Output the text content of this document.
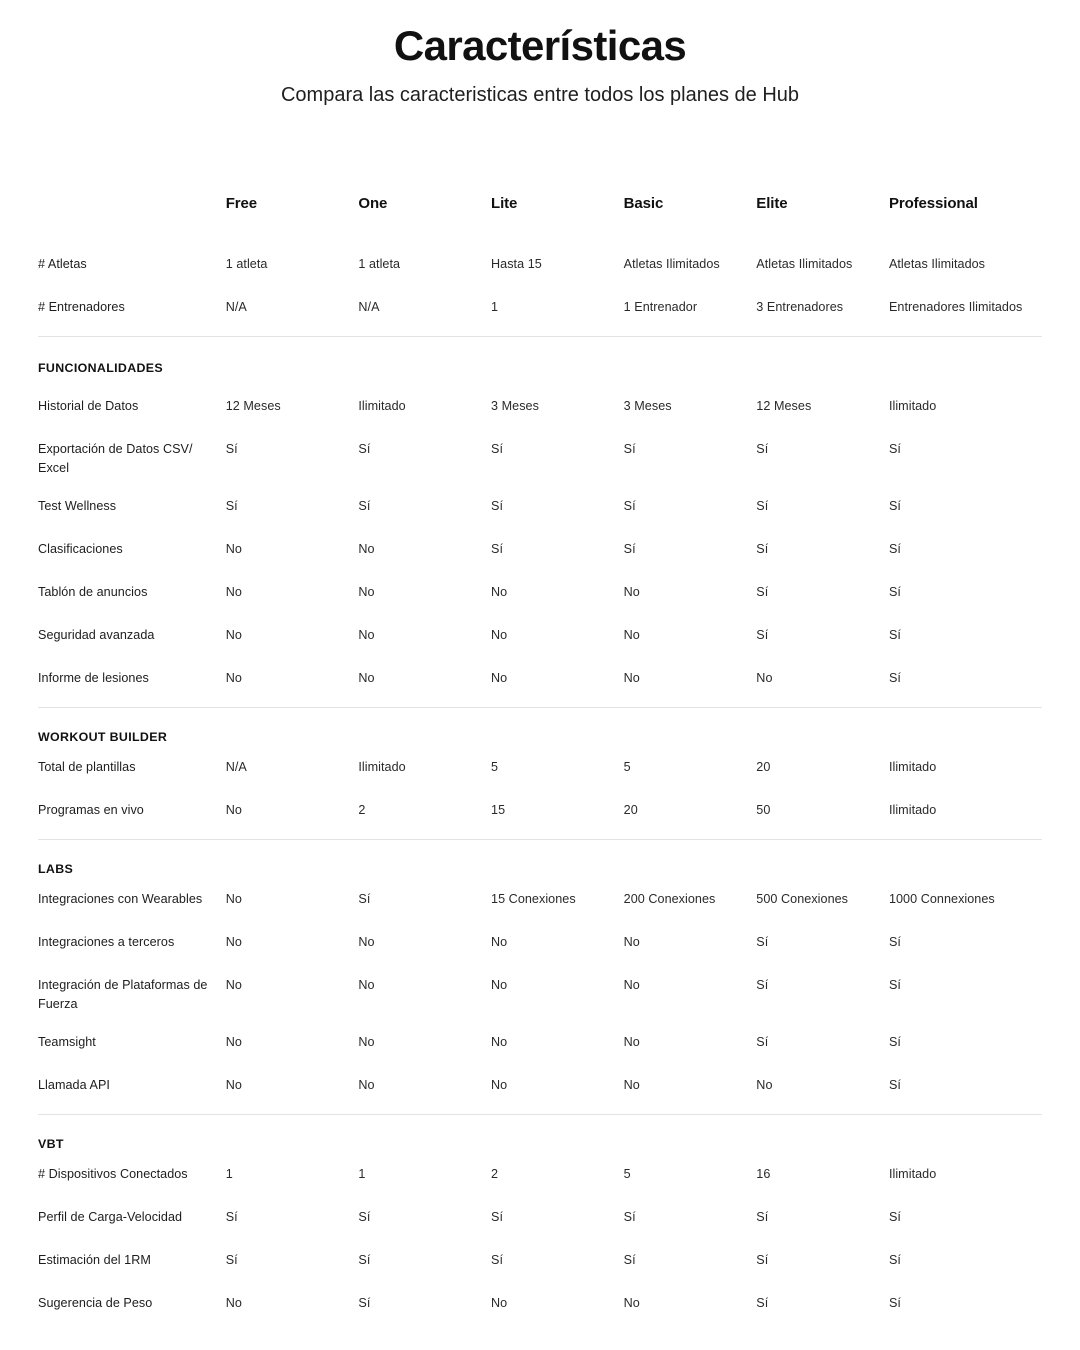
Características

Compara las caracteristicas entre todos los planes de Hub

	Free	One	Lite	Basic	Elite	Professional

# Atletas	1 atleta	1 atleta	Hasta 15	Atletas Ilimitados	Atletas Ilimitados	Atletas Ilimitados
# Entrenadores	N/A	N/A	1	1 Entrenador	3 Entrenadores	Entrenadores Ilimitados

FUNCIONALIDADES						
Historial de Datos	12 Meses	Ilimitado	3 Meses	3 Meses	12 Meses	Ilimitado
Exportación de Datos CSV/ Excel	Sí	Sí	Sí	Sí	Sí	Sí
Test Wellness	Sí	Sí	Sí	Sí	Sí	Sí
Clasificaciones	No	No	Sí	Sí	Sí	Sí
Tablón de anuncios	No	No	No	No	Sí	Sí
Seguridad avanzada	No	No	No	No	Sí	Sí
Informe de lesiones	No	No	No	No	No	Sí

WORKOUT BUILDER						
Total de plantillas	N/A	Ilimitado	5	5	20	Ilimitado
Programas en vivo	No	2	15	20	50	Ilimitado

LABS						
Integraciones con Wearables	No	Sí	15 Conexiones	200 Conexiones	500 Conexiones	1000 Connexiones
Integraciones a terceros	No	No	No	No	Sí	Sí
Integración de Plataformas de Fuerza	No	No	No	No	Sí	Sí
Teamsight	No	No	No	No	Sí	Sí
Llamada API	No	No	No	No	No	Sí

VBT						
# Dispositivos Conectados	1	1	2	5	16	Ilimitado
Perfil de Carga-Velocidad	Sí	Sí	Sí	Sí	Sí	Sí
Estimación del 1RM	Sí	Sí	Sí	Sí	Sí	Sí
Sugerencia de Peso	No	Sí	No	No	Sí	Sí
